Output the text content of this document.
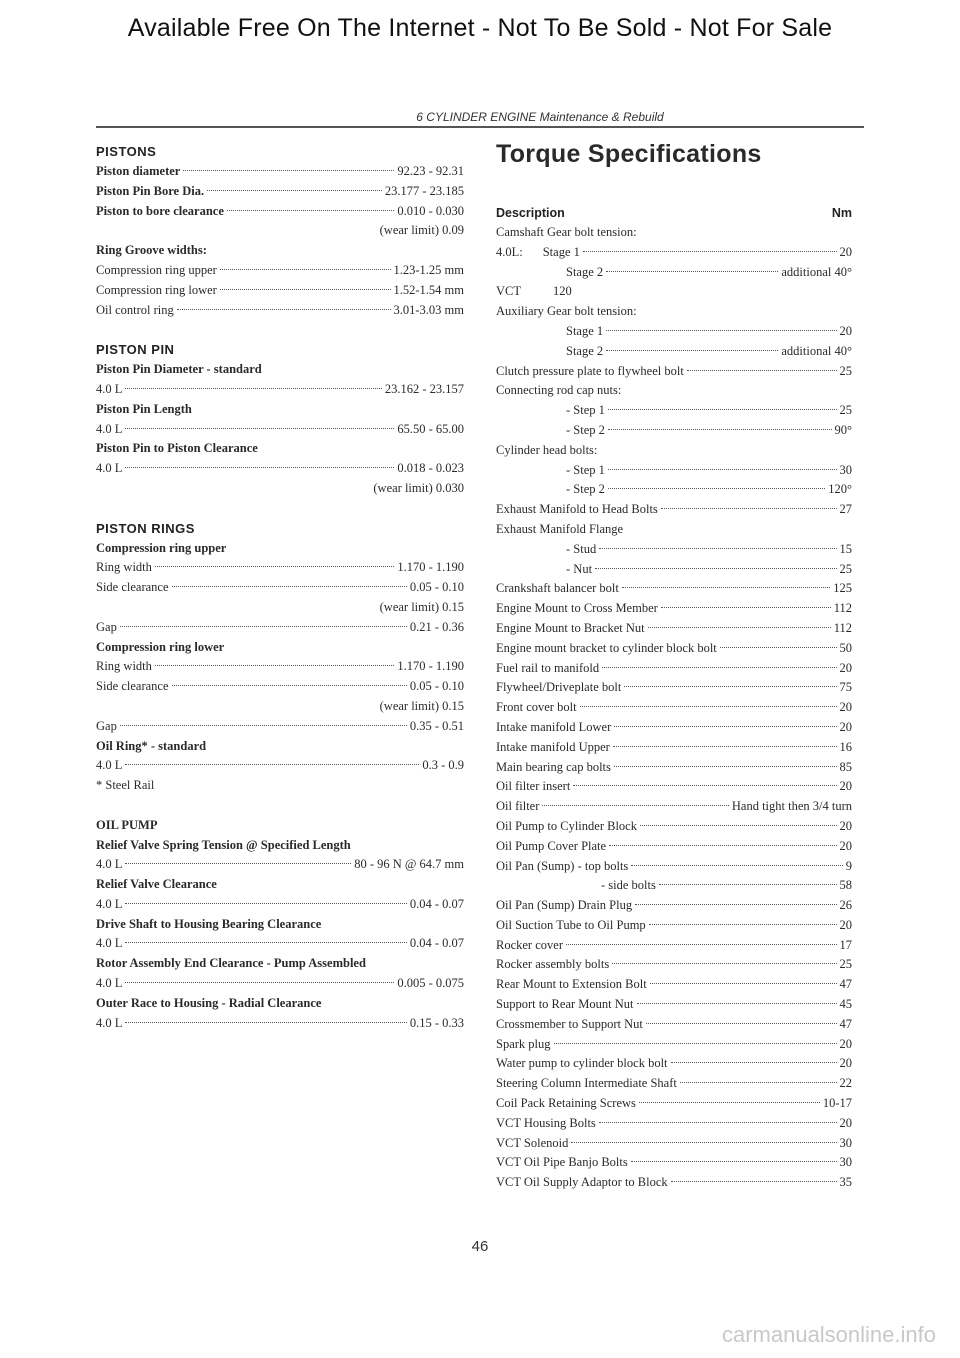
Available Free On The Internet - Not To Be Sold - Not For Sale
6 CYLINDER ENGINE Maintenance & Rebuild
PISTONS
Piston diameter	92.23 - 92.31
Piston Pin Bore Dia.	23.177 - 23.185
Piston to bore clearance	0.010 - 0.030
(wear limit) 0.09
Ring Groove widths:
Compression ring upper	1.23-1.25 mm
Compression ring lower	1.52-1.54 mm
Oil control ring	3.01-3.03 mm
PISTON PIN
Piston Pin Diameter - standard
4.0 L	23.162 - 23.157
Piston Pin Length
4.0 L	65.50 - 65.00
Piston Pin to Piston Clearance
4.0 L	0.018 - 0.023
(wear limit) 0.030
PISTON RINGS
Compression ring upper
Ring width	1.170 - 1.190
Side clearance	0.05 - 0.10
(wear limit) 0.15
Gap	0.21 - 0.36
Compression ring lower
Ring width	1.170 - 1.190
Side clearance	0.05 - 0.10
(wear limit) 0.15
Gap	0.35 - 0.51
Oil Ring* - standard
4.0 L	0.3 - 0.9
* Steel Rail
OIL PUMP
Relief Valve Spring Tension @ Specified Length
4.0 L	80 - 96 N @ 64.7 mm
Relief Valve Clearance
4.0 L	0.04 - 0.07
Drive Shaft to Housing Bearing Clearance
4.0 L	0.04 - 0.07
Rotor Assembly End Clearance - Pump Assembled
4.0 L	0.005 - 0.075
Outer Race to Housing - Radial Clearance
4.0 L	0.15 - 0.33
Torque Specifications
Description	Nm
Camshaft Gear bolt tension:
4.0L: Stage 1	20
Stage 2	additional 40°
VCT	120
Auxiliary Gear bolt tension:
Stage 1	20
Stage 2	additional 40°
Clutch pressure plate to flywheel bolt	25
Connecting rod cap nuts:
- Step 1	25
- Step 2	90°
Cylinder head bolts:
- Step 1	30
- Step 2	120°
Exhaust Manifold to Head Bolts	27
Exhaust Manifold Flange
- Stud	15
- Nut	25
Crankshaft balancer bolt	125
Engine Mount to Cross Member	112
Engine Mount to Bracket Nut	112
Engine mount bracket to cylinder block bolt	50
Fuel rail to manifold	20
Flywheel/Driveplate bolt	75
Front cover bolt	20
Intake manifold Lower	20
Intake manifold Upper	16
Main bearing cap bolts	85
Oil filter insert	20
Oil filter	Hand tight then 3/4 turn
Oil Pump to Cylinder Block	20
Oil Pump Cover Plate	20
Oil Pan (Sump) - top bolts	9
- side bolts	58
Oil Pan (Sump) Drain Plug	26
Oil Suction Tube to Oil Pump	20
Rocker cover	17
Rocker assembly bolts	25
Rear Mount to Extension Bolt	47
Support to Rear Mount Nut	45
Crossmember to Support Nut	47
Spark plug	20
Water pump to cylinder block bolt	20
Steering Column Intermediate Shaft	22
Coil Pack Retaining Screws	10-17
VCT Housing Bolts	20
VCT Solenoid	30
VCT Oil Pipe Banjo Bolts	30
VCT Oil Supply Adaptor to Block	35
46
carmanualsonline.info
